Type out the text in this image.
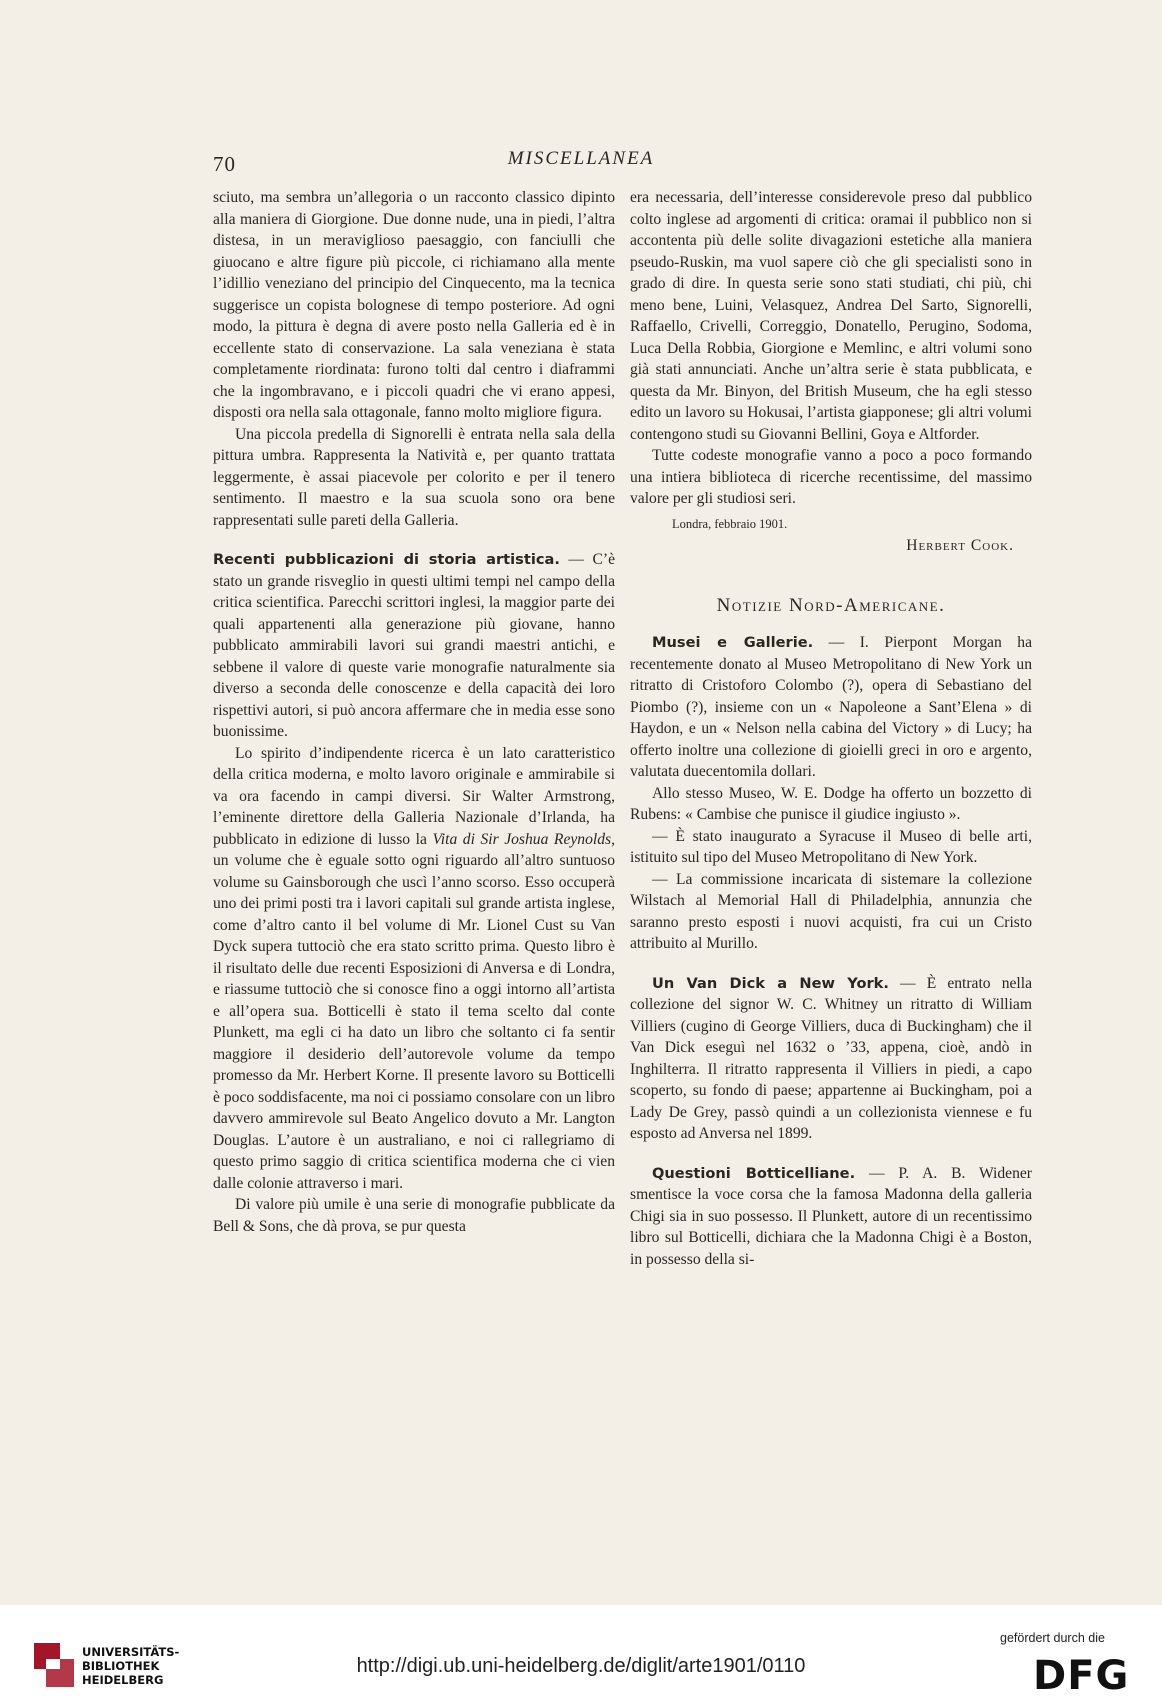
70	MISCELLANEA

sciuto, ma sembra un’allegoria o un racconto classico dipinto alla maniera di Giorgione. Due donne nude, una in piedi, l’altra distesa, in un meraviglioso paesaggio, con fanciulli che giuocano e altre figure più piccole, ci richiamano alla mente l’idillio veneziano del principio del Cinquecento, ma la tecnica suggerisce un copista bolognese di tempo posteriore. Ad ogni modo, la pittura è degna di avere posto nella Galleria ed è in eccellente stato di conservazione. La sala veneziana è stata completamente riordinata: furono tolti dal centro i diaframmi che la ingombravano, e i piccoli quadri che vi erano appesi, disposti ora nella sala ottagonale, fanno molto migliore figura.

Una piccola predella di Signorelli è entrata nella sala della pittura umbra. Rappresenta la Natività e, per quanto trattata leggermente, è assai piacevole per colorito e per il tenero sentimento. Il maestro e la sua scuola sono ora bene rappresentati sulle pareti della Galleria.

Recenti pubblicazioni di storia artistica. — C’è stato un grande risveglio in questi ultimi tempi nel campo della critica scientifica. Parecchi scrittori inglesi, la maggior parte dei quali appartenenti alla generazione più giovane, hanno pubblicato ammirabili lavori sui grandi maestri antichi, e sebbene il valore di queste varie monografie naturalmente sia diverso a seconda delle conoscenze e della capacità dei loro rispettivi autori, si può ancora affermare che in media esse sono buonissime.

Lo spirito d’indipendente ricerca è un lato caratteristico della critica moderna, e molto lavoro originale e ammirabile si va ora facendo in campi diversi. Sir Walter Armstrong, l’eminente direttore della Galleria Nazionale d’Irlanda, ha pubblicato in edizione di lusso la Vita di Sir Joshua Reynolds, un volume che è eguale sotto ogni riguardo all’altro suntuoso volume su Gainsborough che uscì l’anno scorso. Esso occuperà uno dei primi posti tra i lavori capitali sul grande artista inglese, come d’altro canto il bel volume di Mr. Lionel Cust su Van Dyck supera tuttociò che era stato scritto prima. Questo libro è il risultato delle due recenti Esposizioni di Anversa e di Londra, e riassume tuttociò che si conosce fino a oggi intorno all’artista e all’opera sua. Botticelli è stato il tema scelto dal conte Plunkett, ma egli ci ha dato un libro che soltanto ci fa sentir maggiore il desiderio dell’autorevole volume da tempo promesso da Mr. Herbert Korne. Il presente lavoro su Botticelli è poco soddisfacente, ma noi ci possiamo consolare con un libro davvero ammirevole sul Beato Angelico dovuto a Mr. Langton Douglas. L’autore è un australiano, e noi ci rallegriamo di questo primo saggio di critica scientifica moderna che ci vien dalle colonie attraverso i mari.

Di valore più umile è una serie di monografie pubblicate da Bell & Sons, che dà prova, se pur questa

era necessaria, dell’interesse considerevole preso dal pubblico colto inglese ad argomenti di critica: oramai il pubblico non si accontenta più delle solite divagazioni estetiche alla maniera pseudo-Ruskin, ma vuol sapere ciò che gli specialisti sono in grado di dire. In questa serie sono stati studiati, chi più, chi meno bene, Luini, Velasquez, Andrea Del Sarto, Signorelli, Raffaello, Crivelli, Correggio, Donatello, Perugino, Sodoma, Luca Della Robbia, Giorgione e Memlinc, e altri volumi sono già stati annunciati. Anche un’altra serie è stata pubblicata, e questa da Mr. Binyon, del British Museum, che ha egli stesso edito un lavoro su Hokusai, l’artista giapponese; gli altri volumi contengono studi su Giovanni Bellini, Goya e Altforder.

Tutte codeste monografie vanno a poco a poco formando una intiera biblioteca di ricerche recentissime, del massimo valore per gli studiosi seri.

Londra, febbraio 1901.
Herbert Cook.
Notizie Nord-Americane.

Musei e Gallerie. — I. Pierpont Morgan ha recentemente donato al Museo Metropolitano di New York un ritratto di Cristoforo Colombo (?), opera di Sebastiano del Piombo (?), insieme con un « Napoleone a Sant’Elena » di Haydon, e un « Nelson nella cabina del Victory » di Lucy; ha offerto inoltre una collezione di gioielli greci in oro e argento, valutata duecentomila dollari.

Allo stesso Museo, W. E. Dodge ha offerto un bozzetto di Rubens: « Cambise che punisce il giudice ingiusto ».

— È stato inaugurato a Syracuse il Museo di belle arti, istituito sul tipo del Museo Metropolitano di New York.

— La commissione incaricata di sistemare la collezione Wilstach al Memorial Hall di Philadelphia, annunzia che saranno presto esposti i nuovi acquisti, fra cui un Cristo attribuito al Murillo.

Un Van Dick a New York. — È entrato nella collezione del signor W. C. Whitney un ritratto di William Villiers (cugino di George Villiers, duca di Buckingham) che il Van Dick eseguì nel 1632 o ’33, appena, cioè, andò in Inghilterra. Il ritratto rappresenta il Villiers in piedi, a capo scoperto, su fondo di paese; appartenne ai Buckingham, poi a Lady De Grey, passò quindi a un collezionista viennese e fu esposto ad Anversa nel 1899.

Questioni Botticelliane. — P. A. B. Widener smentisce la voce corsa che la famosa Madonna della galleria Chigi sia in suo possesso. Il Plunkett, autore di un recentissimo libro sul Botticelli, dichiara che la Madonna Chigi è a Boston, in possesso della si-

UNIVERSITÄTS-
BIBLIOTHEK
HEIDELBERG
http://digi.ub.uni-heidelberg.de/diglit/arte1901/0110
gefördert durch die
DFG
